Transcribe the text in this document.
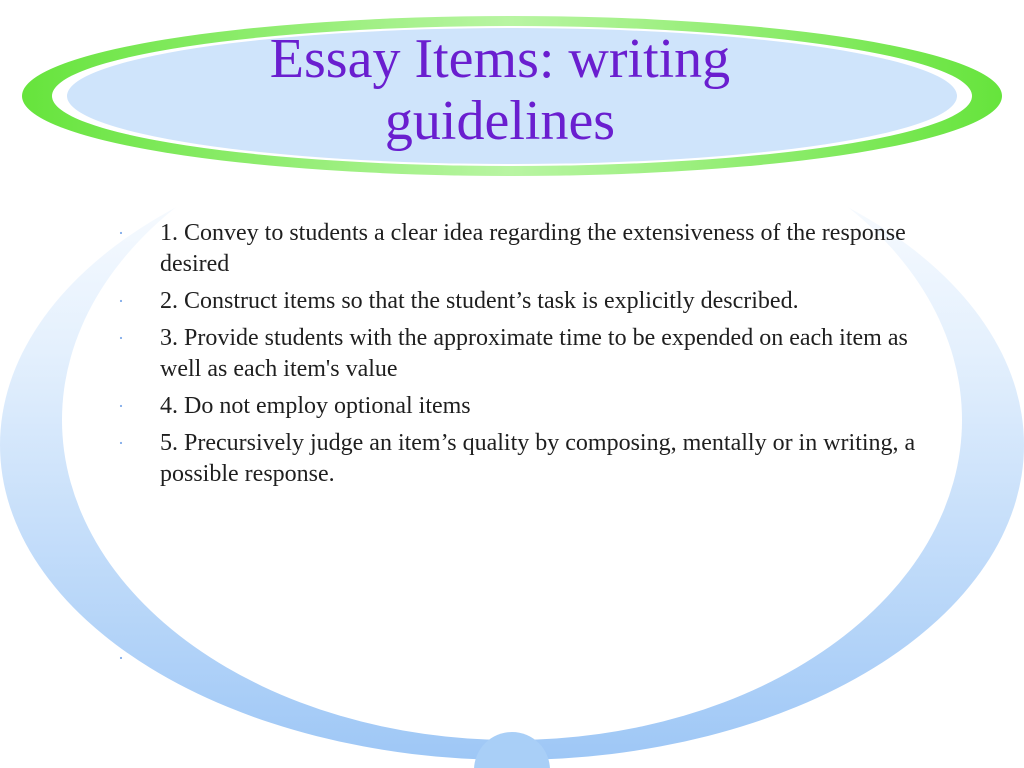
Essay Items: writing guidelines
· 1. Convey to students a clear idea regarding the extensiveness of the response desired
· 2. Construct items so that the student’s task is explicitly described.
· 3. Provide students with the approximate time to be expended on each item as well as each item's value
· 4. Do not employ optional items
· 5. Precursively judge an item’s quality by composing, mentally or in writing, a possible response.
·
